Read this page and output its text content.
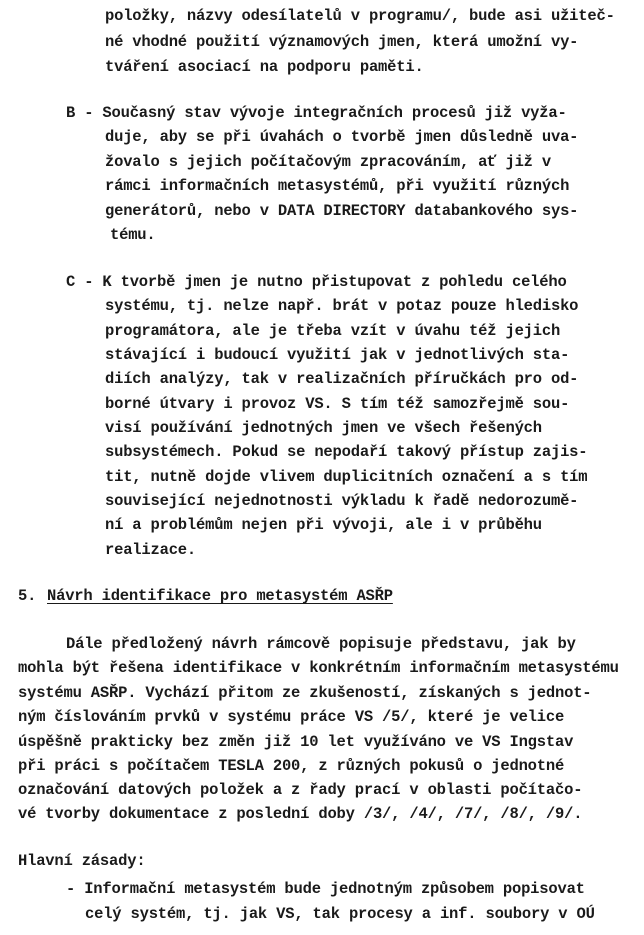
položky, názvy odesílatelů v programu/, bude asi užiteč-
né vhodné použití významových jmen, která umožní vy-
tváření asociací na podporu paměti.
B - Současný stav vývoje integračních procesů již vyža-
duje, aby se při úvahách o tvorbě jmen důsledně uva-
žovalo s jejich počítačovým zpracováním, ať již v
rámci informačních metasystémů, při využití různých
generátorů, nebo v DATA DIRECTORY databankového sys-
tému.
C - K tvorbě jmen je nutno přistupovat z pohledu celého
systému, tj. nelze např. brát v potaz pouze hledisko
programátora, ale je třeba vzít v úvahu též jejich
stávající i budoucí využití jak v jednotlivých sta-
diích analýzy, tak v realizačních příručkách pro od-
borné útvary i provoz VS. S tím též samozřejmě sou-
visí používání jednotných jmen ve všech řešených
subsystémech. Pokud se nepodaří takový přístup zajis-
tit, nutně dojde vlivem duplicitních označení a s tím
související nejednotnosti výkladu k řadě nedorozumě-
ní a problémům nejen při vývoji, ale i v průběhu
realizace.
5. Návrh identifikace pro metasystém ASŘP
Dále předložený návrh rámcově popisuje představu, jak by
mohla být řešena identifikace v konkrétním informačním metasystému
systému ASŘP. Vychází přitom ze zkušeností, získaných s jednot-
ným číslováním prvků v systému práce VS /5/, které je velice
úspěšně prakticky bez změn již 10 let využíváno ve VS Ingstav
při práci s počítačem TESLA 200, z různých pokusů o jednotné
označování datových položek a z řady prací v oblasti počítačo-
vé tvorby dokumentace z poslední doby /3/, /4/, /7/, /8/, /9/.
Hlavní zásady:
- Informační metasystém bude jednotným způsobem popisovat
celý systém, tj. jak VS, tak procesy a inf. soubory v OÚ
